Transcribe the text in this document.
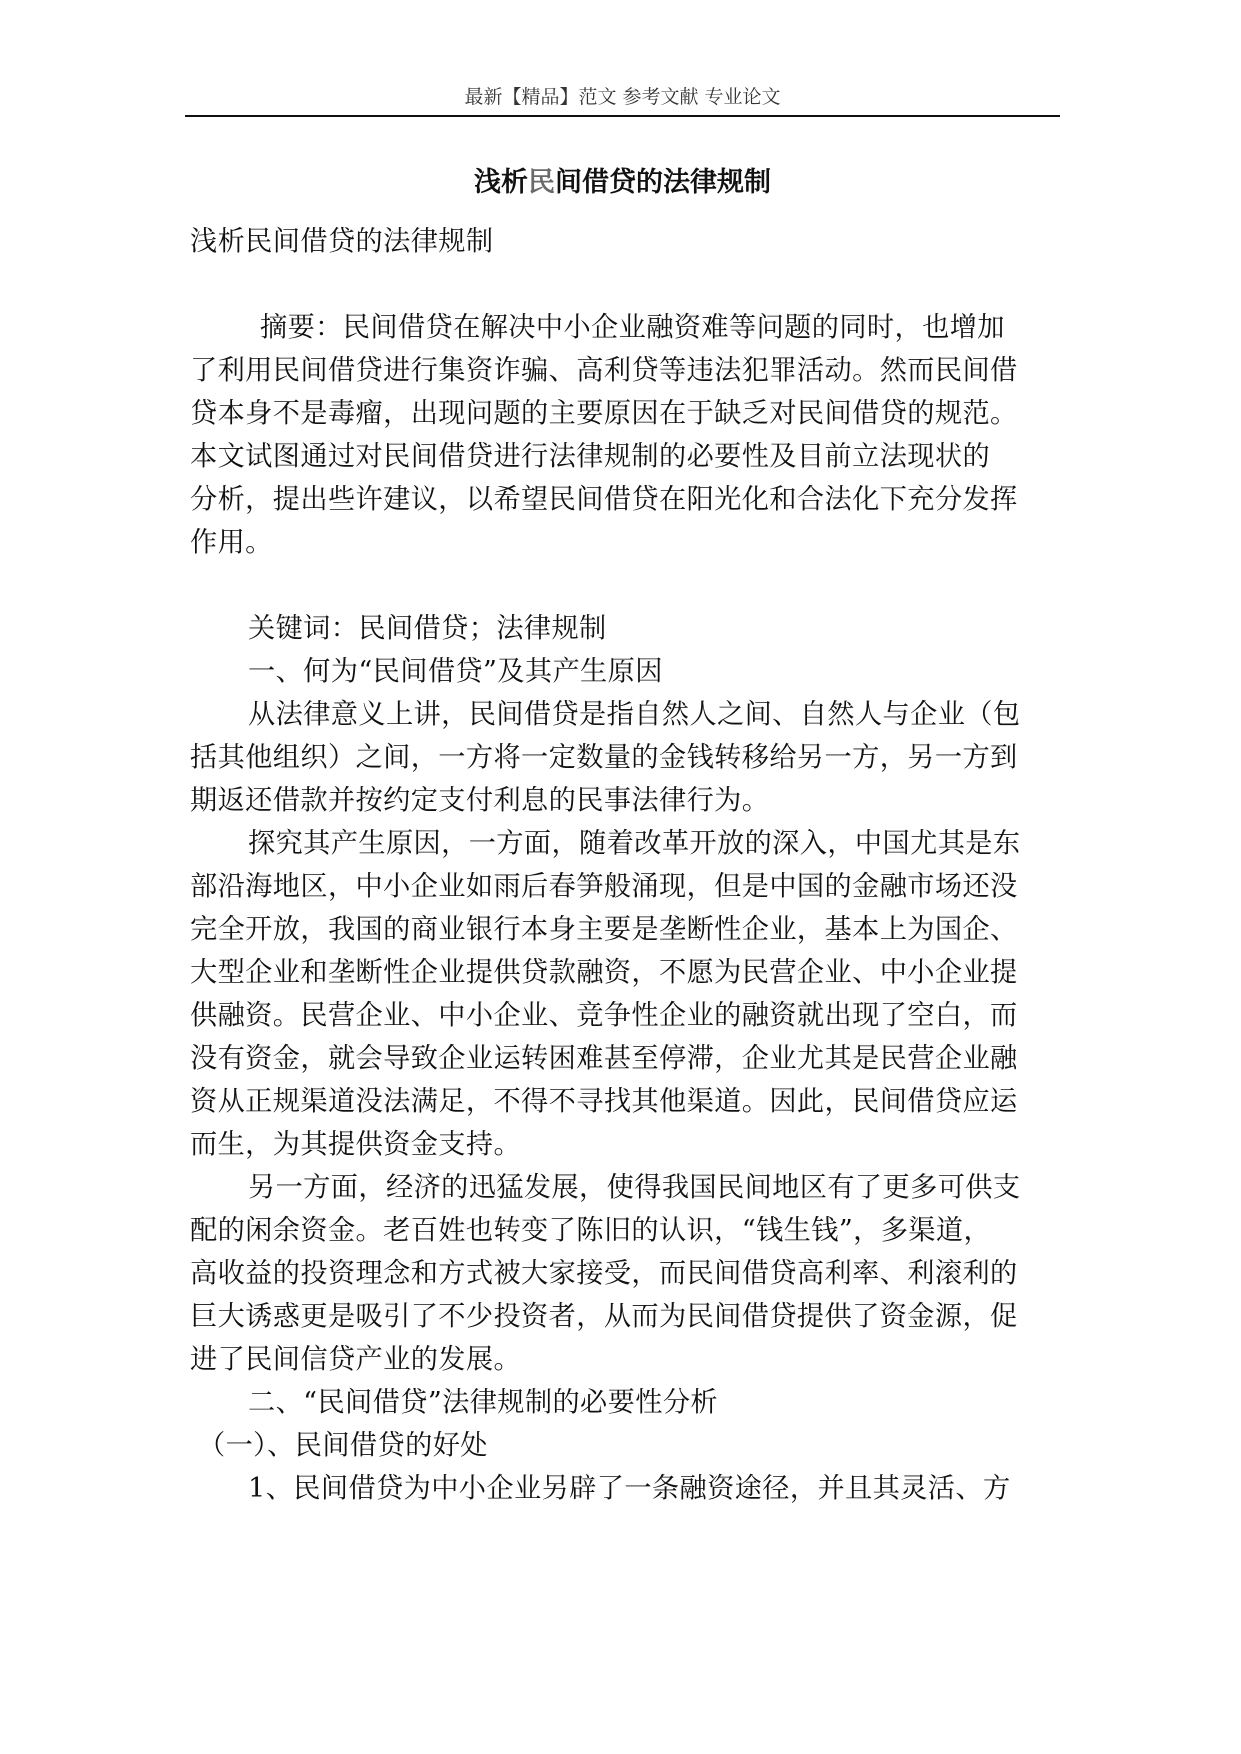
最新【精品】范文 参考文献 专业论文
浅析民间借贷的法律规制
浅析民间借贷的法律规制
摘要：民间借贷在解决中小企业融资难等问题的同时，也增加
了利用民间借贷进行集资诈骗、高利贷等违法犯罪活动。然而民间借
贷本身不是毒瘤，出现问题的主要原因在于缺乏对民间借贷的规范。
本文试图通过对民间借贷进行法律规制的必要性及目前立法现状的
分析，提出些许建议，以希望民间借贷在阳光化和合法化下充分发挥
作用。
关键词：民间借贷；法律规制
一、何为“民间借贷”及其产生原因
从法律意义上讲，民间借贷是指自然人之间、自然人与企业（包
括其他组织）之间，一方将一定数量的金钱转移给另一方，另一方到
期返还借款并按约定支付利息的民事法律行为。
探究其产生原因，一方面，随着改革开放的深入，中国尤其是东
部沿海地区，中小企业如雨后春笋般涌现，但是中国的金融市场还没
完全开放，我国的商业银行本身主要是垄断性企业，基本上为国企、
大型企业和垄断性企业提供贷款融资，不愿为民营企业、中小企业提
供融资。民营企业、中小企业、竞争性企业的融资就出现了空白，而
没有资金，就会导致企业运转困难甚至停滞，企业尤其是民营企业融
资从正规渠道没法满足，不得不寻找其他渠道。因此，民间借贷应运
而生，为其提供资金支持。
另一方面，经济的迅猛发展，使得我国民间地区有了更多可供支
配的闲余资金。老百姓也转变了陈旧的认识，“钱生钱”，多渠道，
高收益的投资理念和方式被大家接受，而民间借贷高利率、利滚利的
巨大诱惑更是吸引了不少投资者，从而为民间借贷提供了资金源，促
进了民间信贷产业的发展。
二、“民间借贷”法律规制的必要性分析
（一）、民间借贷的好处
1、民间借贷为中小企业另辟了一条融资途径，并且其灵活、方
